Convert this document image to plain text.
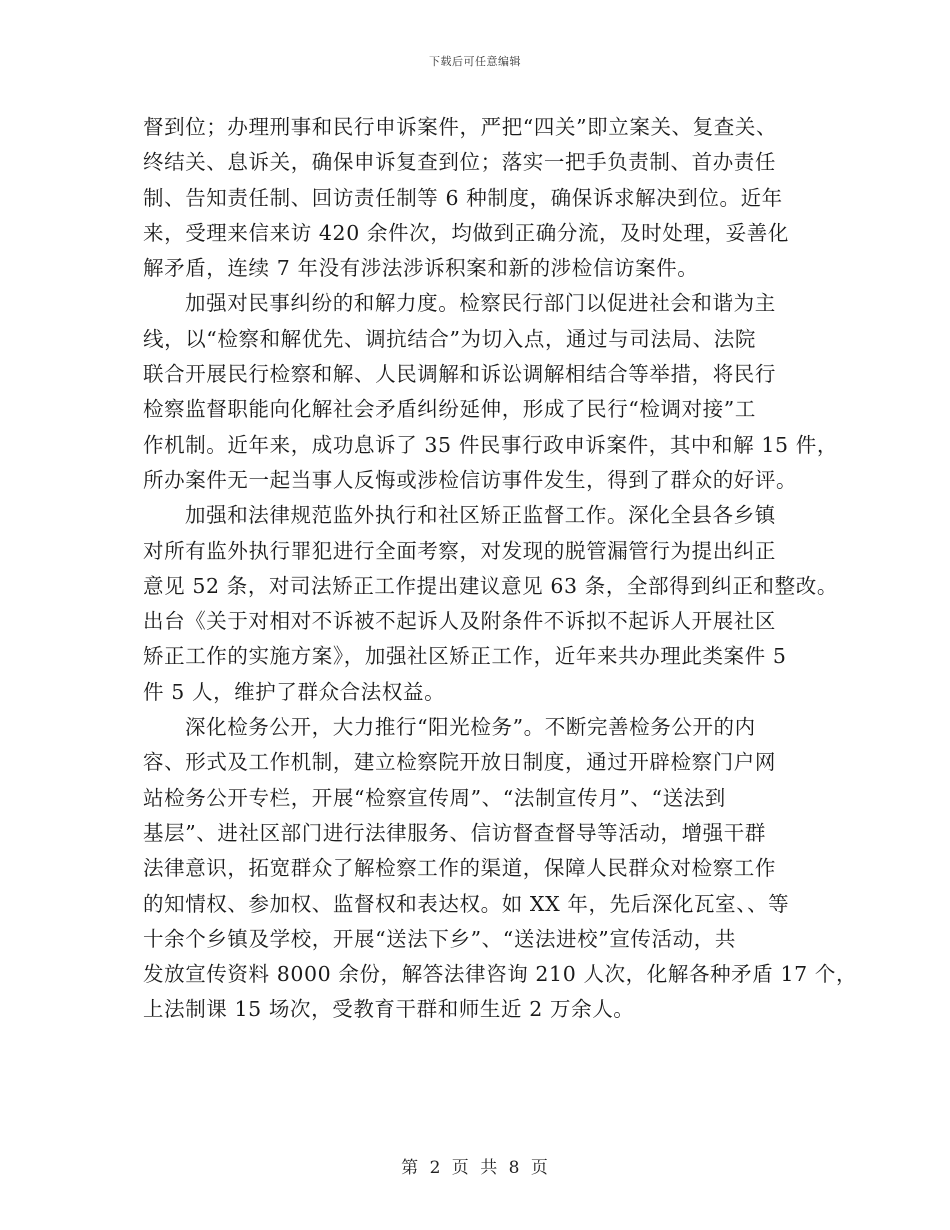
下载后可任意编辑
督到位；办理刑事和民行申诉案件，严把“四关”即立案关、复查关、
终结关、息诉关，确保申诉复查到位；落实一把手负责制、首办责任
制、告知责任制、回访责任制等 6 种制度，确保诉求解决到位。近年
来，受理来信来访 420 余件次，均做到正确分流，及时处理，妥善化
解矛盾，连续 7 年没有涉法涉诉积案和新的涉检信访案件。
加强对民事纠纷的和解力度。检察民行部门以促进社会和谐为主
线，以“检察和解优先、调抗结合”为切入点，通过与司法局、法院
联合开展民行检察和解、人民调解和诉讼调解相结合等举措，将民行
检察监督职能向化解社会矛盾纠纷延伸，形成了民行“检调对接”工
作机制。近年来，成功息诉了 35 件民事行政申诉案件，其中和解 15 件，
所办案件无一起当事人反悔或涉检信访事件发生，得到了群众的好评。
加强和法律规范监外执行和社区矫正监督工作。深化全县各乡镇
对所有监外执行罪犯进行全面考察，对发现的脱管漏管行为提出纠正
意见 52 条，对司法矫正工作提出建议意见 63 条，全部得到纠正和整改。
出台《关于对相对不诉被不起诉人及附条件不诉拟不起诉人开展社区
矫正工作的实施方案》，加强社区矫正工作，近年来共办理此类案件 5
件 5 人，维护了群众合法权益。
深化检务公开，大力推行“阳光检务”。不断完善检务公开的内
容、形式及工作机制，建立检察院开放日制度，通过开辟检察门户网
站检务公开专栏，开展“检察宣传周”、“法制宣传月”、“送法到
基层”、进社区部门进行法律服务、信访督查督导等活动，增强干群
法律意识，拓宽群众了解检察工作的渠道，保障人民群众对检察工作
的知情权、参加权、监督权和表达权。如 XX 年，先后深化瓦室、、等
十余个乡镇及学校，开展“送法下乡”、“送法进校”宣传活动，共
发放宣传资料 8000 余份，解答法律咨询 210 人次，化解各种矛盾 17 个，
上法制课 15 场次，受教育干群和师生近 2 万余人。
第 2 页 共 8 页
